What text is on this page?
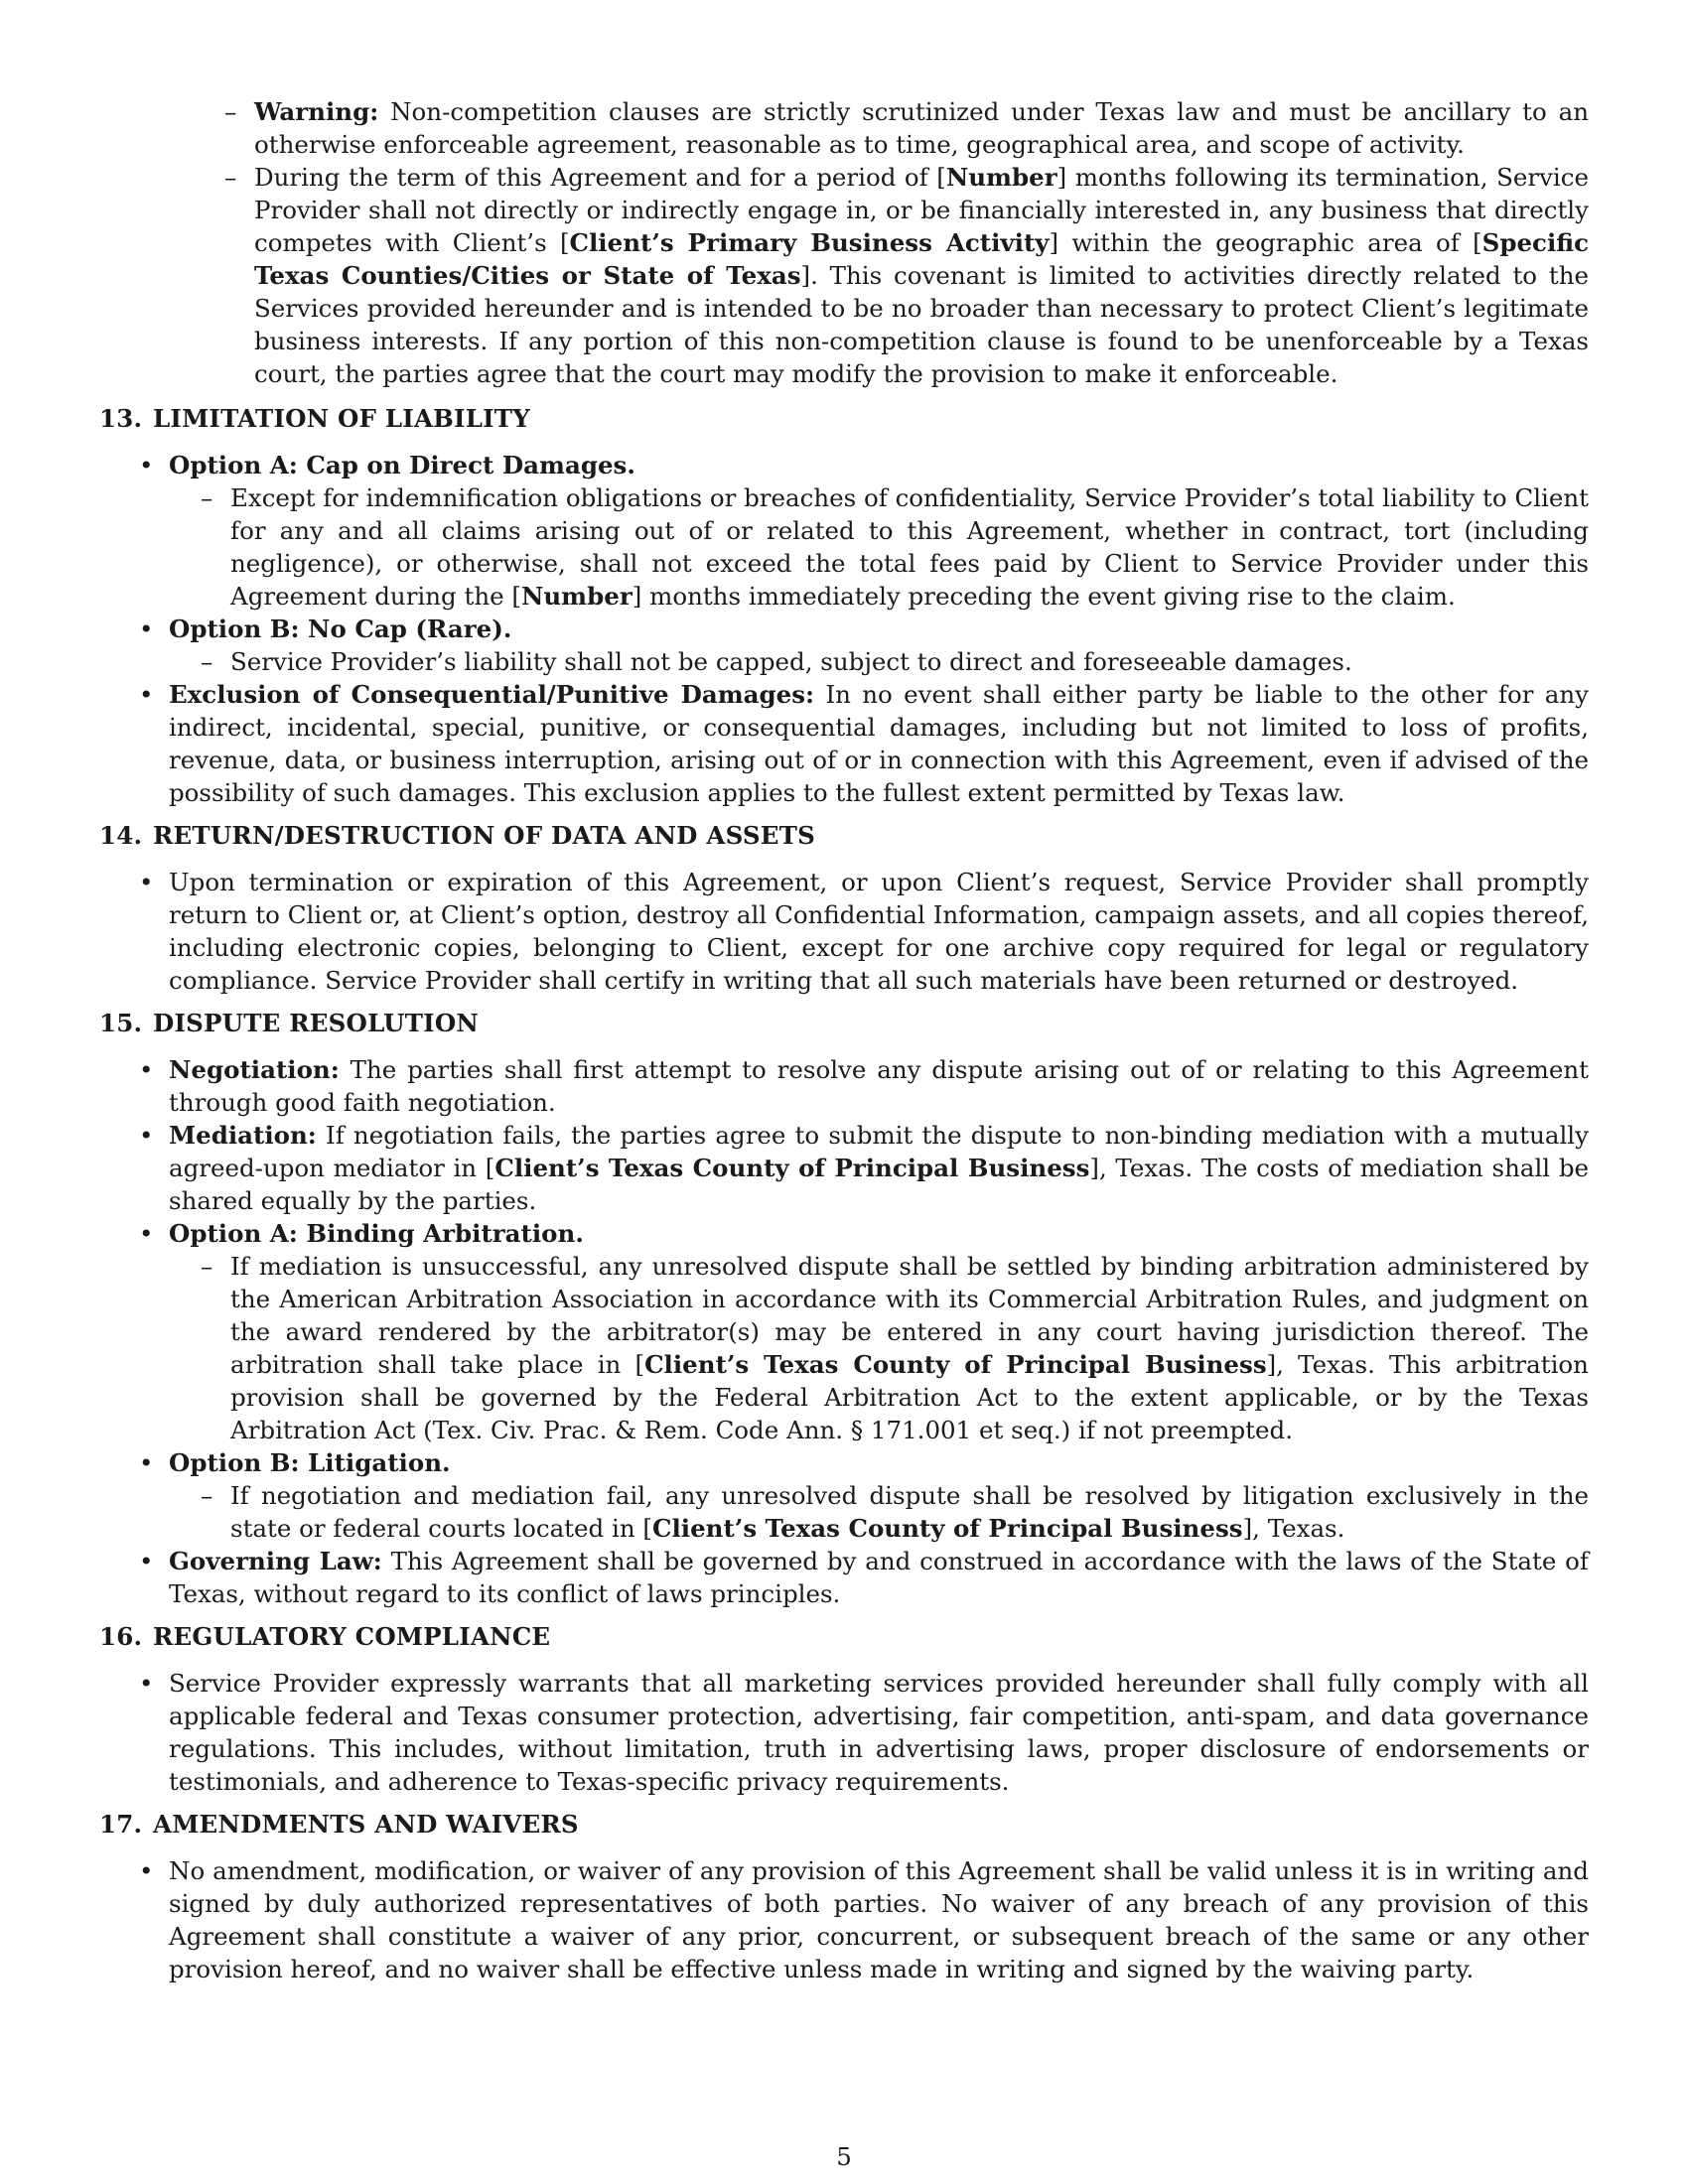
– Warning: Non-competition clauses are strictly scrutinized under Texas law and must be ancillary to an otherwise enforceable agreement, reasonable as to time, geographical area, and scope of activity.
– During the term of this Agreement and for a period of [Number] months following its termination, Service Provider shall not directly or indirectly engage in, or be financially interested in, any business that directly competes with Client’s [Client’s Primary Business Activity] within the geographic area of [Specific Texas Counties/Cities or State of Texas]. This covenant is limited to activities directly related to the Services provided hereunder and is intended to be no broader than necessary to protect Client’s legitimate business interests. If any portion of this non-competition clause is found to be unenforceable by a Texas court, the parties agree that the court may modify the provision to make it enforceable.
13. LIMITATION OF LIABILITY
• Option A: Cap on Direct Damages.
– Except for indemnification obligations or breaches of confidentiality, Service Provider’s total liability to Client for any and all claims arising out of or related to this Agreement, whether in contract, tort (including negligence), or otherwise, shall not exceed the total fees paid by Client to Service Provider under this Agreement during the [Number] months immediately preceding the event giving rise to the claim.
• Option B: No Cap (Rare).
– Service Provider’s liability shall not be capped, subject to direct and foreseeable damages.
• Exclusion of Consequential/Punitive Damages: In no event shall either party be liable to the other for any indirect, incidental, special, punitive, or consequential damages, including but not limited to loss of profits, revenue, data, or business interruption, arising out of or in connection with this Agreement, even if advised of the possibility of such damages. This exclusion applies to the fullest extent permitted by Texas law.
14. RETURN/DESTRUCTION OF DATA AND ASSETS
• Upon termination or expiration of this Agreement, or upon Client’s request, Service Provider shall promptly return to Client or, at Client’s option, destroy all Confidential Information, campaign assets, and all copies thereof, including electronic copies, belonging to Client, except for one archive copy required for legal or regulatory compliance. Service Provider shall certify in writing that all such materials have been returned or destroyed.
15. DISPUTE RESOLUTION
• Negotiation: The parties shall first attempt to resolve any dispute arising out of or relating to this Agreement through good faith negotiation.
• Mediation: If negotiation fails, the parties agree to submit the dispute to non-binding mediation with a mutually agreed-upon mediator in [Client’s Texas County of Principal Business], Texas. The costs of mediation shall be shared equally by the parties.
• Option A: Binding Arbitration.
– If mediation is unsuccessful, any unresolved dispute shall be settled by binding arbitration administered by the American Arbitration Association in accordance with its Commercial Arbitration Rules, and judgment on the award rendered by the arbitrator(s) may be entered in any court having jurisdiction thereof. The arbitration shall take place in [Client’s Texas County of Principal Business], Texas. This arbitration provision shall be governed by the Federal Arbitration Act to the extent applicable, or by the Texas Arbitration Act (Tex. Civ. Prac. & Rem. Code Ann. § 171.001 et seq.) if not preempted.
• Option B: Litigation.
– If negotiation and mediation fail, any unresolved dispute shall be resolved by litigation exclusively in the state or federal courts located in [Client’s Texas County of Principal Business], Texas.
• Governing Law: This Agreement shall be governed by and construed in accordance with the laws of the State of Texas, without regard to its conflict of laws principles.
16. REGULATORY COMPLIANCE
• Service Provider expressly warrants that all marketing services provided hereunder shall fully comply with all applicable federal and Texas consumer protection, advertising, fair competition, anti-spam, and data governance regulations. This includes, without limitation, truth in advertising laws, proper disclosure of endorsements or testimonials, and adherence to Texas-specific privacy requirements.
17. AMENDMENTS AND WAIVERS
• No amendment, modification, or waiver of any provision of this Agreement shall be valid unless it is in writing and signed by duly authorized representatives of both parties. No waiver of any breach of any provision of this Agreement shall constitute a waiver of any prior, concurrent, or subsequent breach of the same or any other provision hereof, and no waiver shall be effective unless made in writing and signed by the waiving party.
5
